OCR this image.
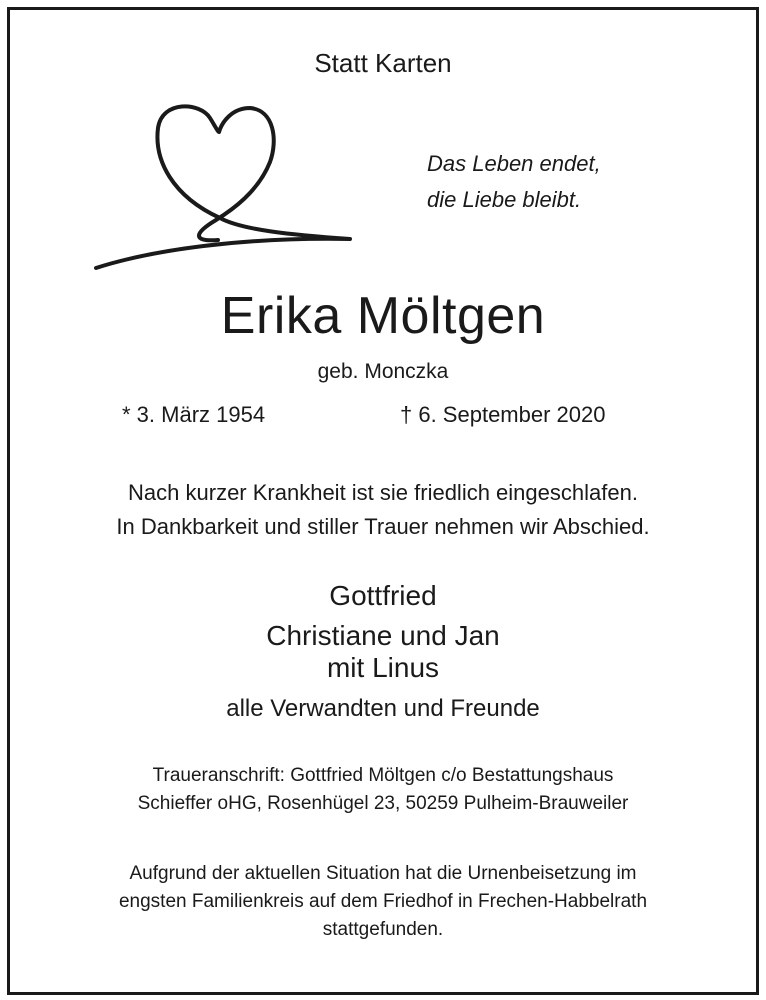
Statt Karten
Das Leben endet,
die Liebe bleibt.
Erika Möltgen
geb. Monczka
* 3. März 1954	† 6. September 2020
Nach kurzer Krankheit ist sie friedlich eingeschlafen.
In Dankbarkeit und stiller Trauer nehmen wir Abschied.
Gottfried
Christiane und Jan
mit Linus
alle Verwandten und Freunde
Traueranschrift: Gottfried Möltgen c/o Bestattungshaus
Schieffer oHG, Rosenhügel 23, 50259 Pulheim-Brauweiler
Aufgrund der aktuellen Situation hat die Urnenbeisetzung im
engsten Familienkreis auf dem Friedhof in Frechen-Habbelrath
stattgefunden.
